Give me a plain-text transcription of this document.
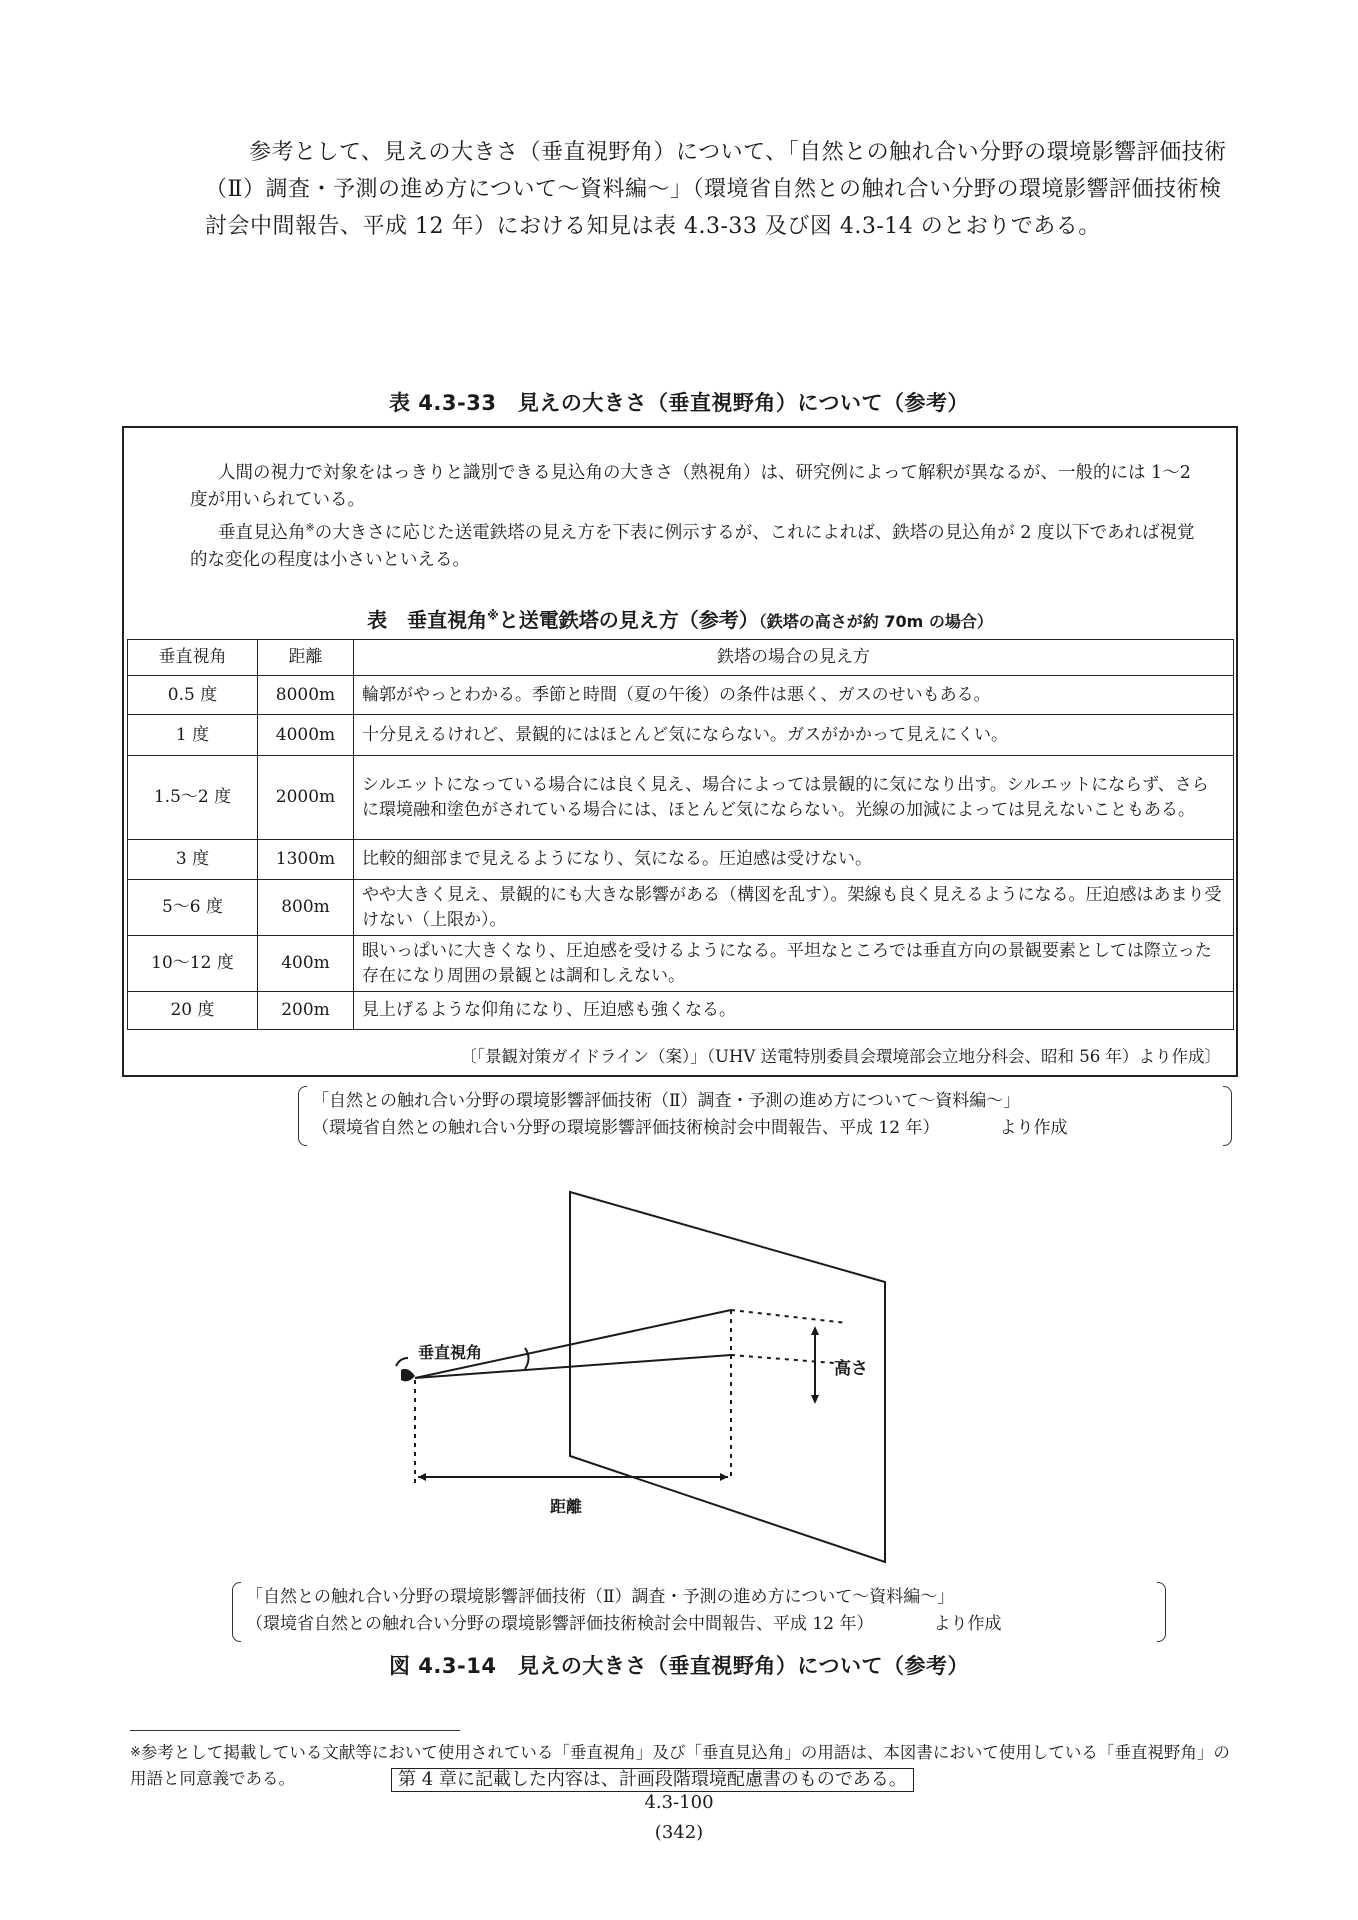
参考として、見えの大きさ（垂直視野角）について、「自然との触れ合い分野の環境影響評価技術（Ⅱ）調査・予測の進め方について～資料編～」（環境省自然との触れ合い分野の環境影響評価技術検討会中間報告、平成 12 年）における知見は表 4.3-33 及び図 4.3-14 のとおりである。
表 4.3-33　見えの大きさ（垂直視野角）について（参考）

人間の視力で対象をはっきりと識別できる見込角の大きさ（熟視角）は、研究例によって解釈が異なるが、一般的には 1～2 度が用いられている。

垂直見込角※の大きさに応じた送電鉄塔の見え方を下表に例示するが、これによれば、鉄塔の見込角が 2 度以下であれば視覚的な変化の程度は小さいといえる。

表　垂直視角※と送電鉄塔の見え方（参考）（鉄塔の高さが約 70m の場合）
垂直視角	距離	鉄塔の場合の見え方
0.5 度	8000m	輪郭がやっとわかる。季節と時間（夏の午後）の条件は悪く、ガスのせいもある。
1 度	4000m	十分見えるけれど、景観的にはほとんど気にならない。ガスがかかって見えにくい。
1.5～2 度	2000m	シルエットになっている場合には良く見え、場合によっては景観的に気になり出す。シルエットにならず、さらに環境融和塗色がされている場合には、ほとんど気にならない。光線の加減によっては見えないこともある。
3 度	1300m	比較的細部まで見えるようになり、気になる。圧迫感は受けない。
5～6 度	800m	やや大きく見え、景観的にも大きな影響がある（構図を乱す）。架線も良く見えるようになる。圧迫感はあまり受けない（上限か）。
10～12 度	400m	眼いっぱいに大きくなり、圧迫感を受けるようになる。平坦なところでは垂直方向の景観要素としては際立った存在になり周囲の景観とは調和しえない。
20 度	200m	見上げるような仰角になり、圧迫感も強くなる。
〔「景観対策ガイドライン（案）」（UHV 送電特別委員会環境部会立地分科会、昭和 56 年）より作成〕
「自然との触れ合い分野の環境影響評価技術（Ⅱ）調査・予測の進め方について～資料編～」
（環境省自然との触れ合い分野の環境影響評価技術検討会中間報告、平成 12 年）	より作成
垂直視角
高さ
距離
「自然との触れ合い分野の環境影響評価技術（Ⅱ）調査・予測の進め方について～資料編～」
（環境省自然との触れ合い分野の環境影響評価技術検討会中間報告、平成 12 年）	より作成
図 4.3-14　見えの大きさ（垂直視野角）について（参考）
※参考として掲載している文献等において使用されている「垂直視角」及び「垂直見込角」の用語は、本図書において使用している「垂直視野角」の用語と同意義である。	第 4 章に記載した内容は、計画段階環境配慮書のものである。
4.3-100
(342)
